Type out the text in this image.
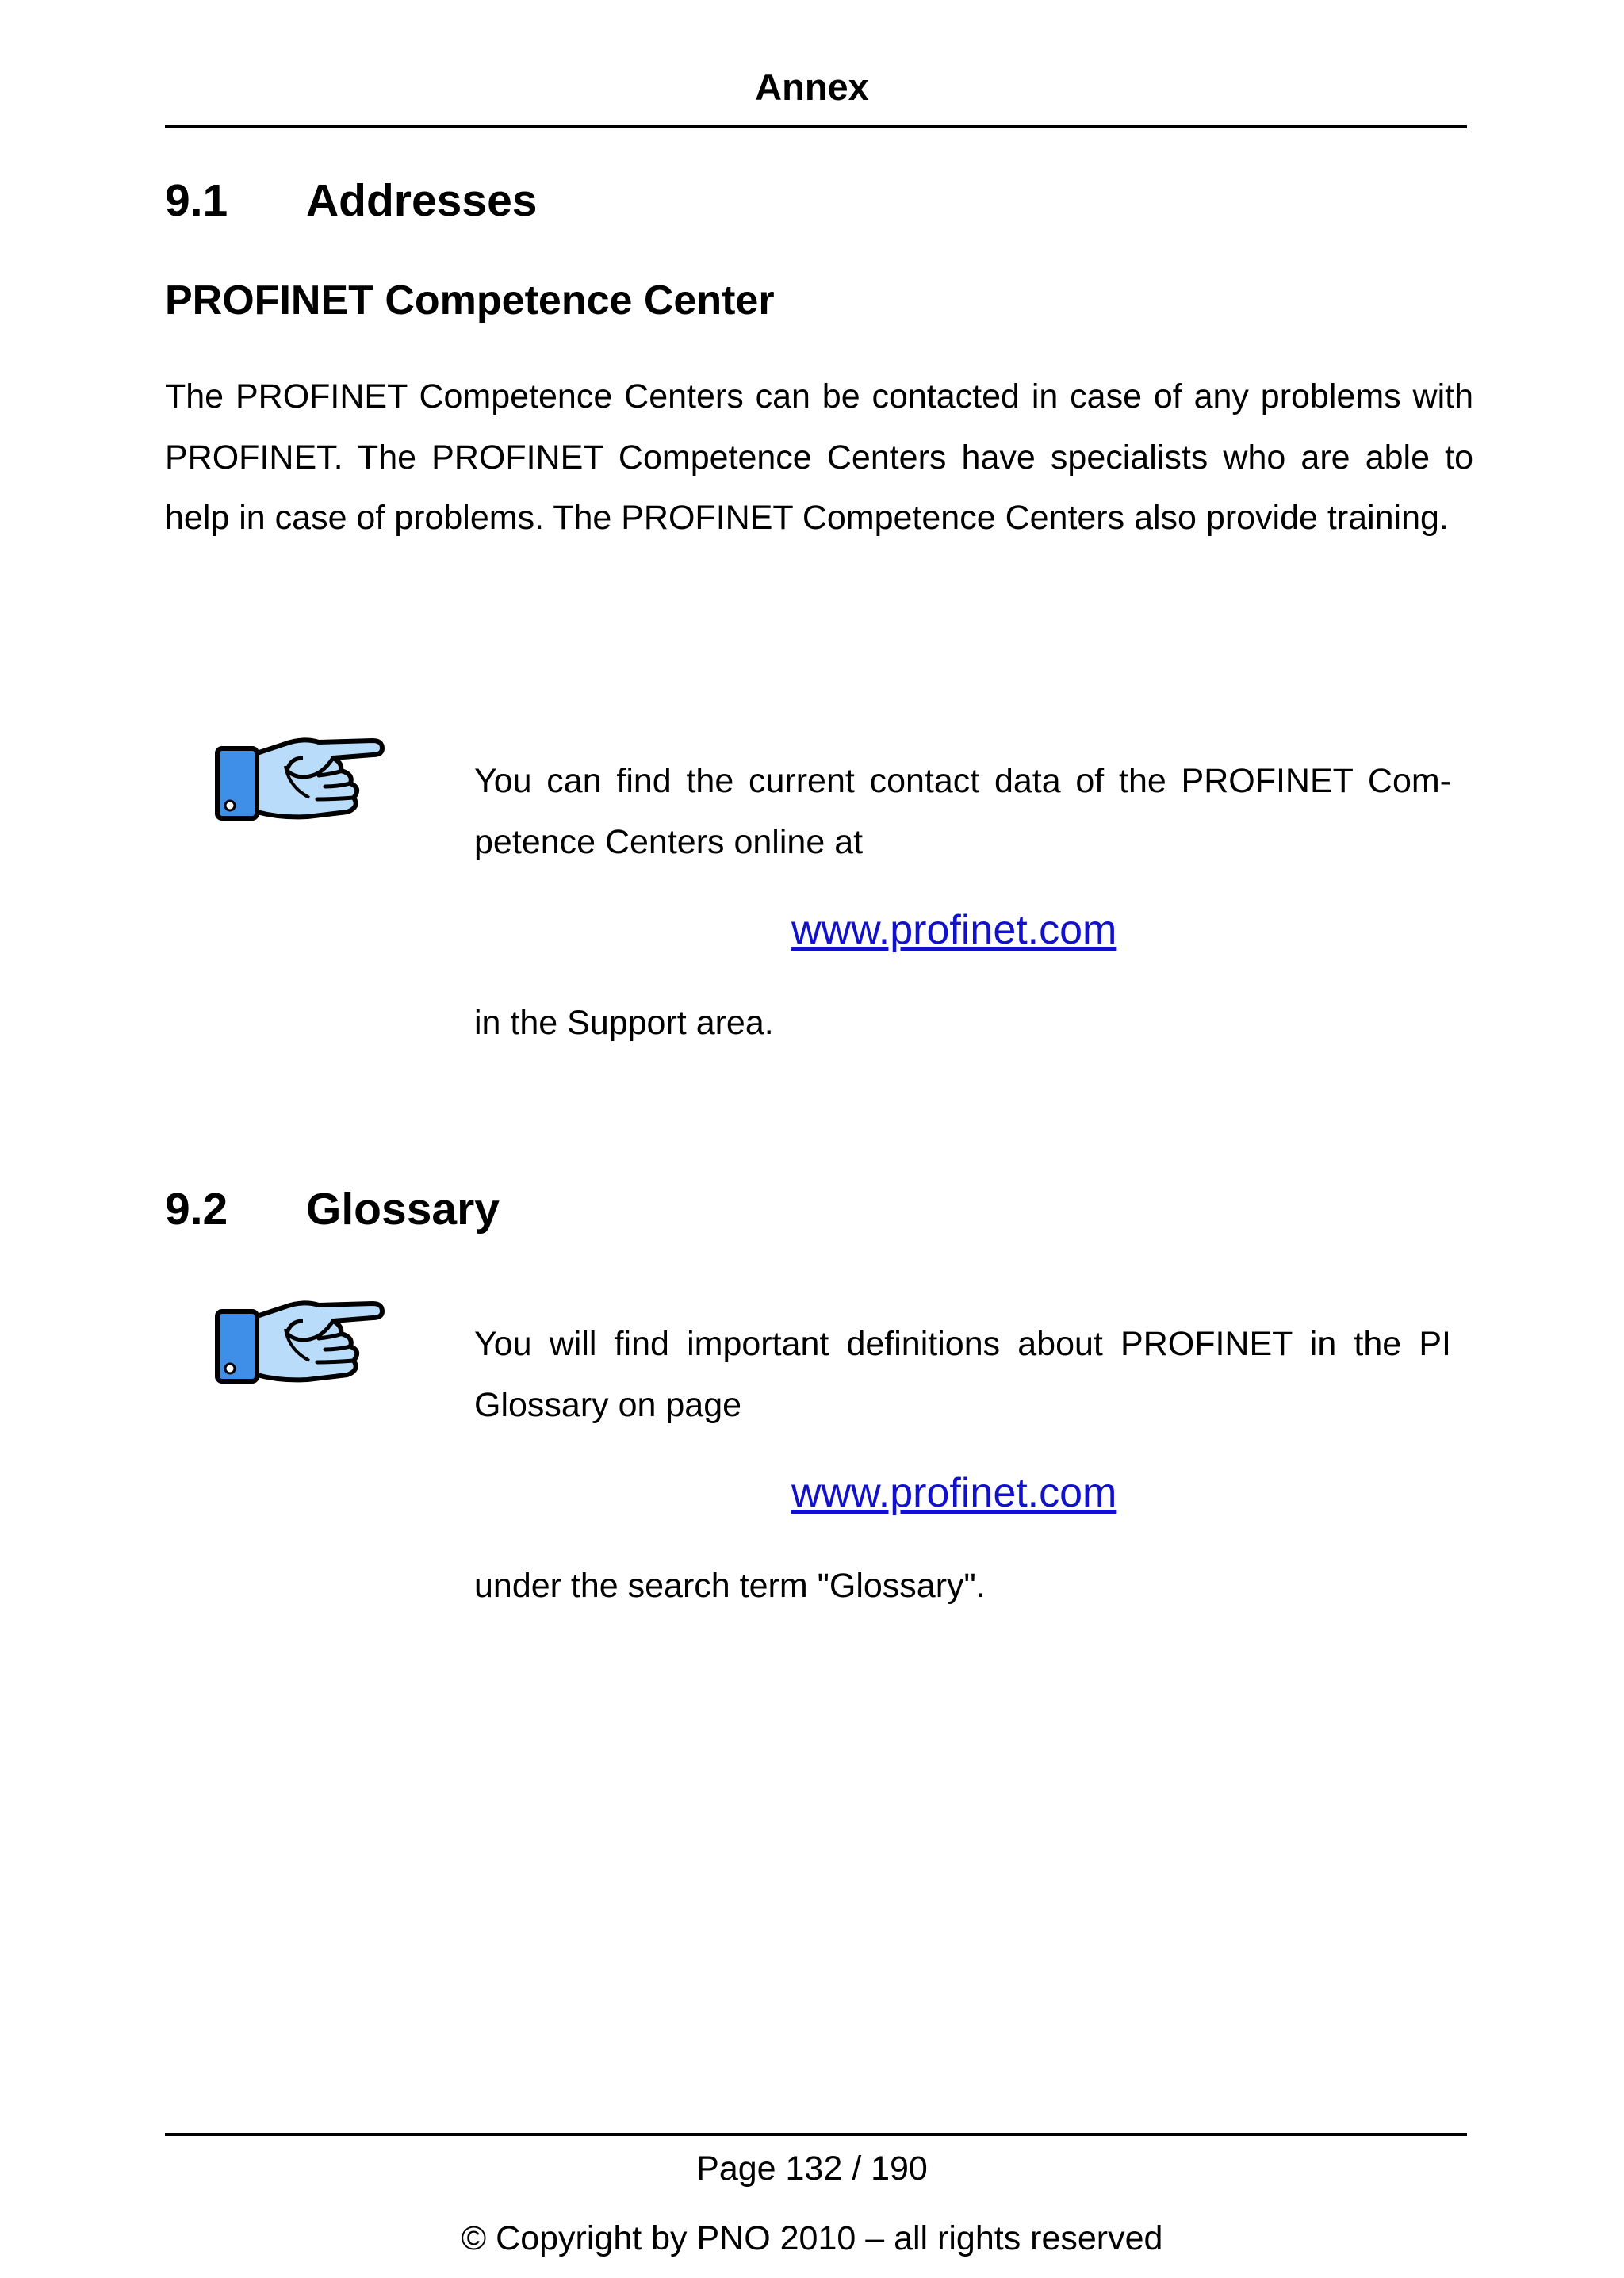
Annex
9.1 Addresses
PROFINET Competence Center

The PROFINET Competence Centers can be contacted in case of any problems with PROFINET. The PROFINET Competence Centers have specialists who are able to help in case of problems. The PROFINET Competence Centers also provide training.

You can find the current contact data of the PROFINET Com-petence Centers online at

www.profinet.com
in the Support area.
9.2 Glossary

You will find important definitions about PROFINET in the PI Glossary on page

www.profinet.com
under the search term "Glossary".
Page 132 / 190
© Copyright by PNO 2010 – all rights reserved
